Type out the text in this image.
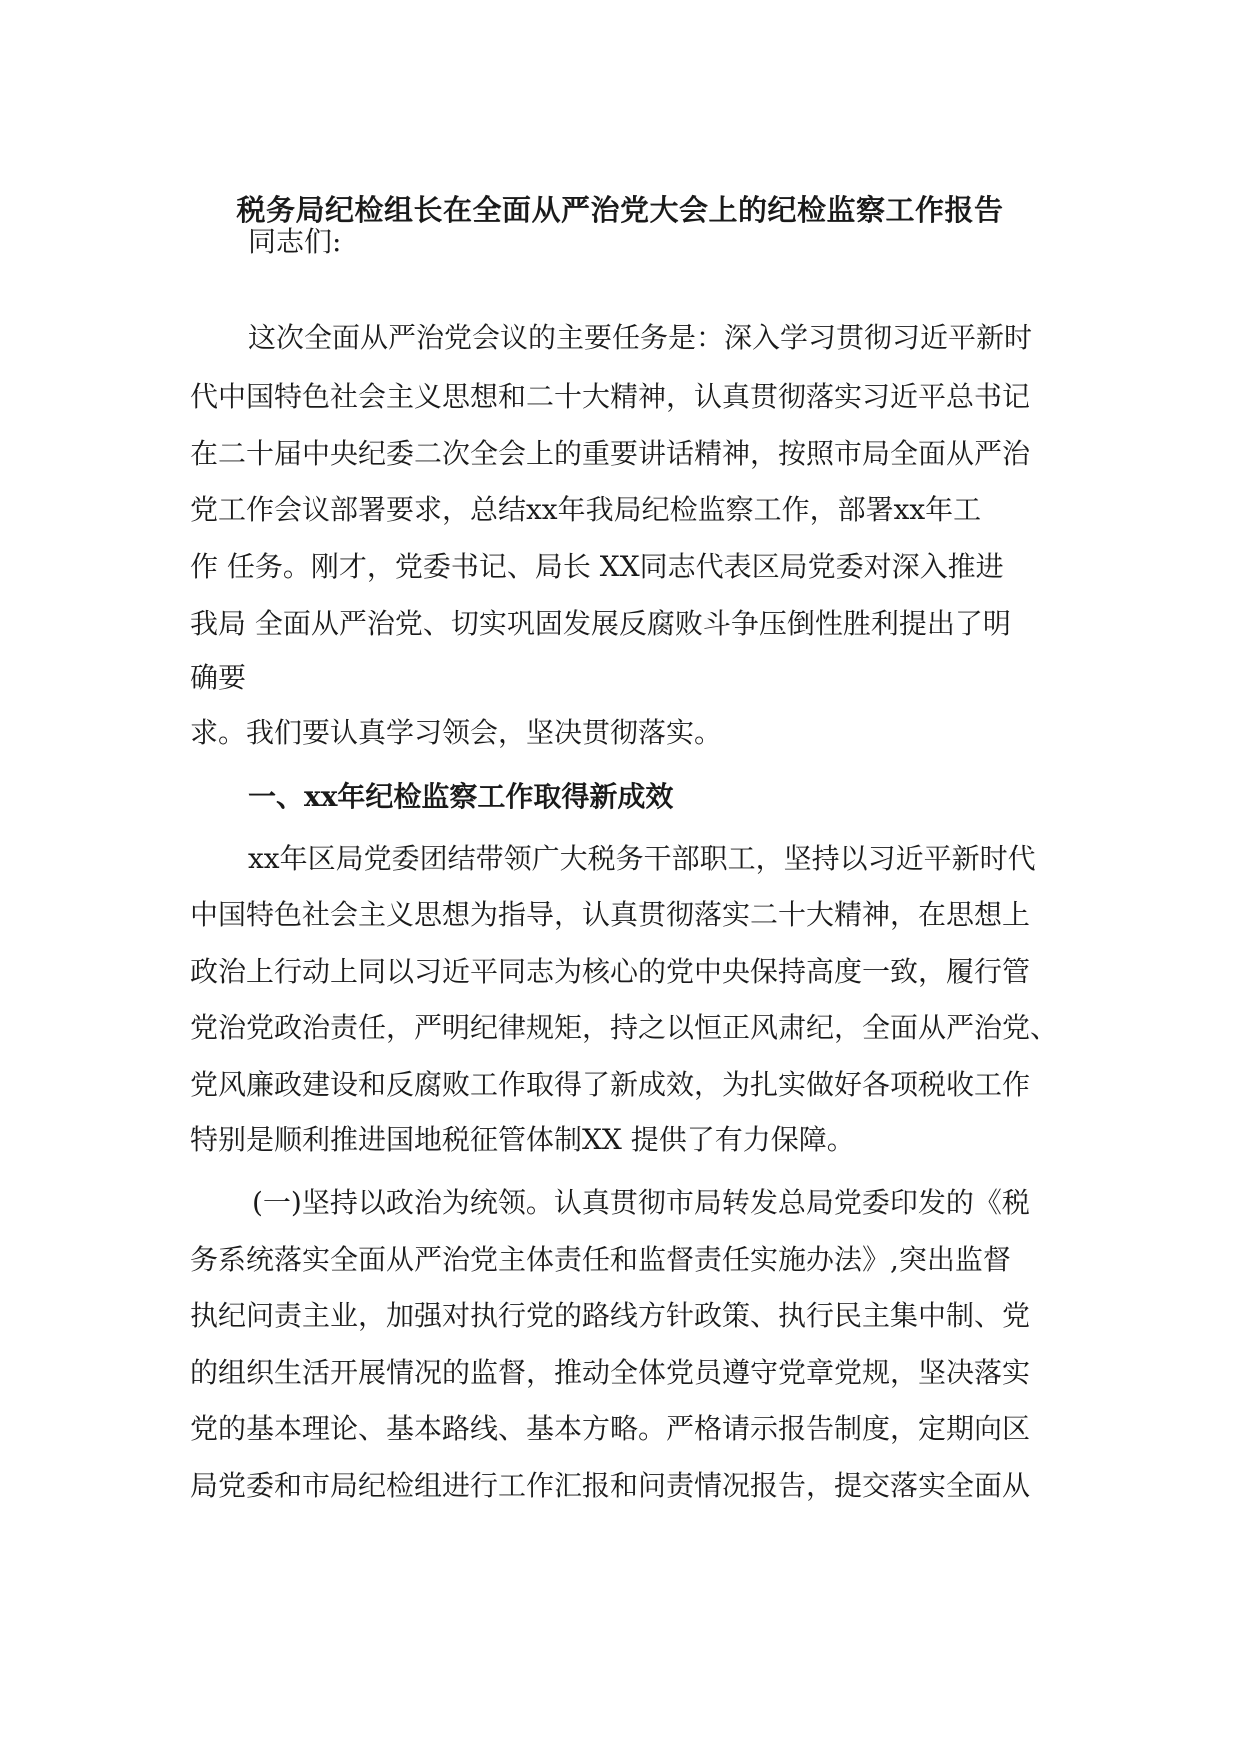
税务局纪检组长在全面从严治党大会上的纪检监察工作报告
同志们:
这次全面从严治党会议的主要任务是：深入学习贯彻习近平新时
代中国特色社会主义思想和二十大精神，认真贯彻落实习近平总书记
在二十届中央纪委二次全会上的重要讲话精神，按照市局全面从严治
党工作会议部署要求，总结xx年我局纪检监察工作，部署xx年工
作 任务。刚才，党委书记、局长 XX同志代表区局党委对深入推进
我局 全面从严治党、切实巩固发展反腐败斗争压倒性胜利提出了明
确要
求。我们要认真学习领会，坚决贯彻落实。
一、xx年纪检监察工作取得新成效
xx年区局党委团结带领广大税务干部职工，坚持以习近平新时代
中国特色社会主义思想为指导，认真贯彻落实二十大精神，在思想上
政治上行动上同以习近平同志为核心的党中央保持高度一致，履行管
党治党政治责任，严明纪律规矩，持之以恒正风肃纪，全面从严治党、
党风廉政建设和反腐败工作取得了新成效，为扎实做好各项税收工作
特别是顺利推进国地税征管体制XX 提供了有力保障。
(一)坚持以政治为统领。认真贯彻市局转发总局党委印发的《税
务系统落实全面从严治党主体责任和监督责任实施办法》,突出监督
执纪问责主业，加强对执行党的路线方针政策、执行民主集中制、党
的组织生活开展情况的监督，推动全体党员遵守党章党规，坚决落实
党的基本理论、基本路线、基本方略。严格请示报告制度，定期向区
局党委和市局纪检组进行工作汇报和问责情况报告，提交落实全面从
